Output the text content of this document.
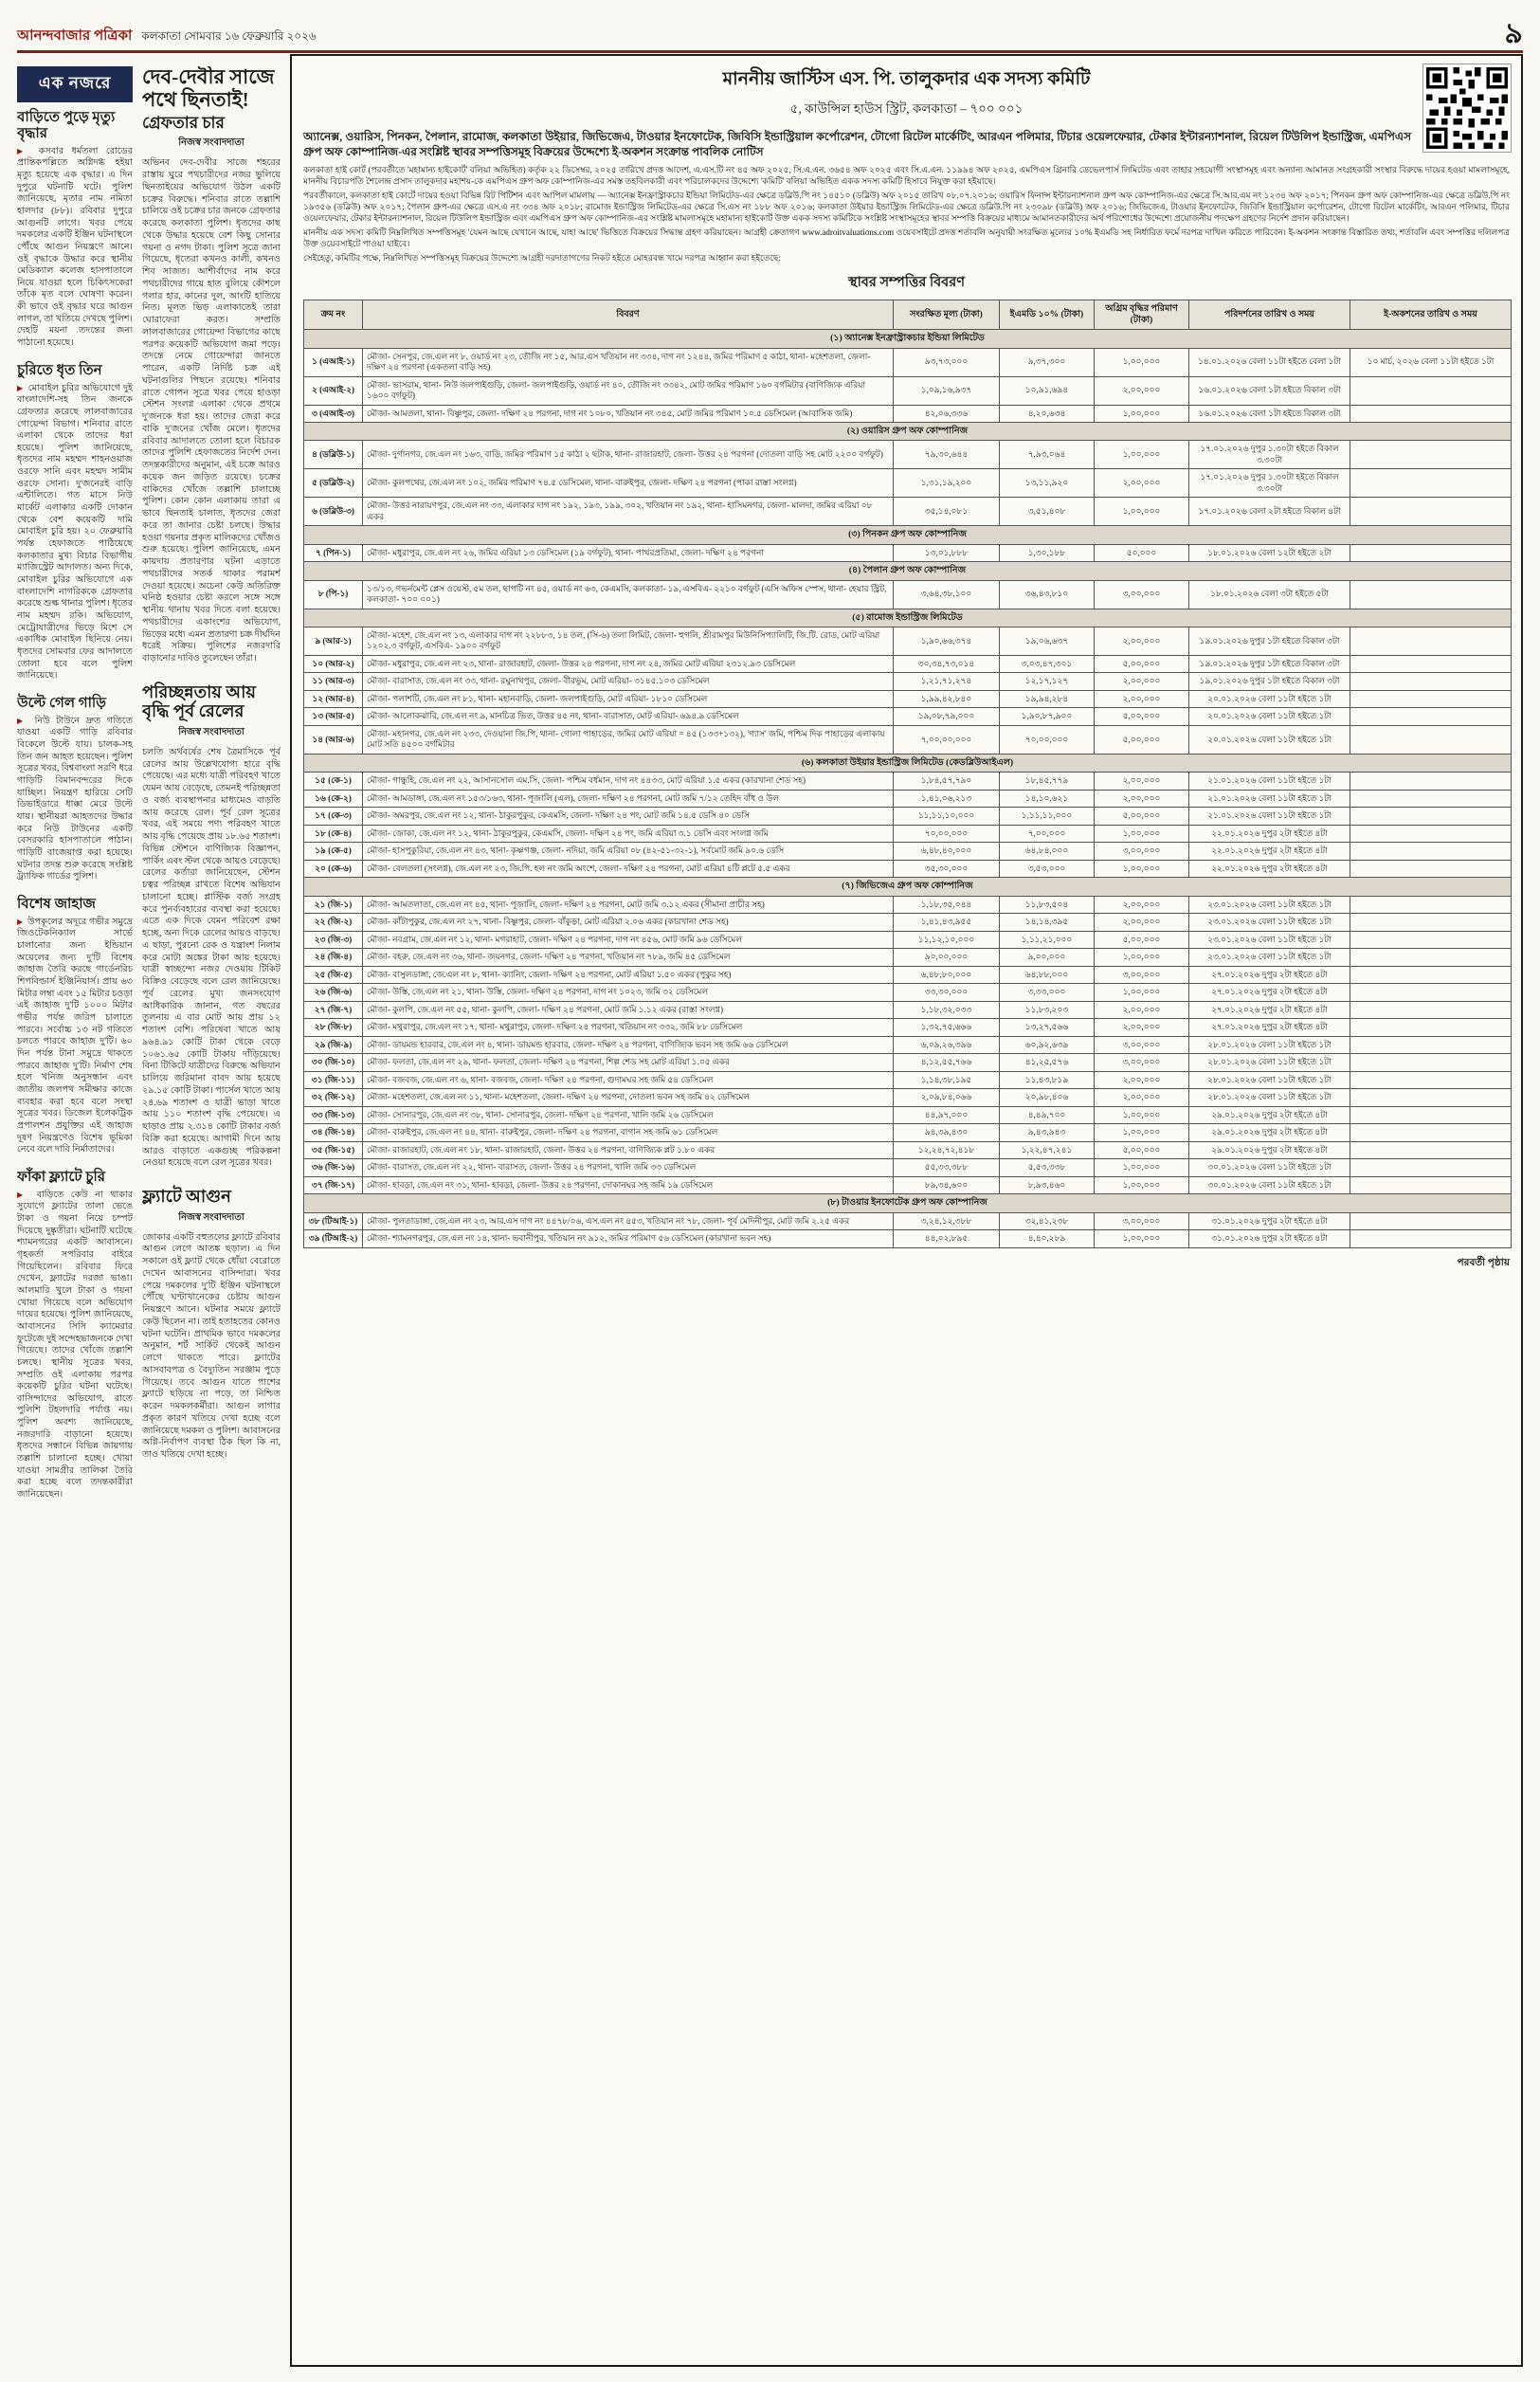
আনন্দবাজার পত্রিকা কলকাতা সোমবার ১৬ ফেব্রুয়ারি ২০২৬	৯
এক নজরে
বাড়িতে পুড়ে মৃত্যু বৃদ্ধার

▶ কসবার ধর্মতলা রোডের প্রান্তিকপল্লিতে অগ্নিদগ্ধ হইয়া মৃত্যু হয়েছে এক বৃদ্ধার। এ দিন দুপুরে ঘটনাটি ঘটে। পুলিশ জানিয়েছে, মৃতার নাম নমিতা হালদার (৮৮)। রবিবার দুপুরে আগুনটি লাগে। খবর পেয়ে দমকলের একটি ইঞ্জিন ঘটনাস্থলে পৌঁছে আগুন নিয়ন্ত্রণে আনে। ওই বৃদ্ধাকে উদ্ধার করে স্থানীয় মেডিক্যাল কলেজ হাসপাতালে নিয়ে যাওয়া হলে চিকিৎসকেরা তাঁকে মৃত বলে ঘোষণা করেন। কী ভাবে ওই বৃদ্ধার ঘরে আগুন লাগল, তা খতিয়ে দেখছে পুলিশ। দেহটি ময়না তদন্তের জন্য পাঠানো হয়েছে।

চুরিতে ধৃত তিন

▶ মোবাইল চুরির অভিযোগে দুই বাংলাদেশি-সহ তিন জনকে গ্রেফতার করেছে লালবাজারের গোয়েন্দা বিভাগ। শনিবার রাতে এলাকা থেকে তাদের ধরা হয়েছে। পুলিশ জানিয়েছে, ধৃতদের নাম মহম্মদ শাহনওয়াজ ওরফে সানি এবং মহম্মদ সামীম ওরফে সোনা। দু'জনেরই বাড়ি এন্টালিতে। গত মাসে নিউ মার্কেট এলাকার একটি দোকান থেকে বেশ কয়েকটি দামি মোবাইল চুরি হয়। ২০ ফেব্রুয়ারি পর্যন্ত হেফাজতে পাঠিয়েছে কলকাতার মুখ্য বিচার বিভাগীয় ম্যাজিস্ট্রেট আদালত। অন্য দিকে, মোবাইল চুরির অভিযোগে এক বাংলাদেশি নাগরিককে গ্রেফতার করেছে শুল্ক থানার পুলিশ। ধৃতের নাম মহম্মদ রকি। অভিযোগ, মেট্রোযাত্রীদের ভিড়ে মিশে সে একাধিক মোবাইল ছিনিয়ে নেয়। ধৃতদের সোমবার ফের আদালতে তোলা হবে বলে পুলিশ জানিয়েছে।

উল্টে গেল গাড়ি

▶ নিউ টাউনে দ্রুত গতিতে যাওয়া একটি গাড়ি রবিবার বিকেলে উল্টে যায়। চালক-সহ তিন জন আহত হয়েছেন। পুলিশ সূত্রের খবর, বিশ্ববাংলা সরণি ধরে গাড়িটি বিমানবন্দরের দিকে যাচ্ছিল। নিয়ন্ত্রণ হারিয়ে সেটি ডিভাইডারে ধাক্কা মেরে উল্টে যায়। স্থানীয়রা আহতদের উদ্ধার করে নিউ টাউনের একটি বেসরকারি হাসপাতালে পাঠান। গাড়িটি বাজেয়াপ্ত করা হয়েছে। ঘটনার তদন্ত শুরু করেছে সংশ্লিষ্ট ট্র্যাফিক গার্ডের পুলিশ।

বিশেষ জাহাজ

▶ উপকূলের অদূরে গভীর সমুদ্রে জিওটেকনিক্যাল সার্ভে চালানোর জন্য ইন্ডিয়ান অয়েলের জন্য দু'টি বিশেষ জাহাজ তৈরি করছে গার্ডেনরিচ শিপবিল্ডার্স ইঞ্জিনিয়ার্স। প্রায় ৬৩ মিটার লম্বা এবং ১৫ মিটার চওড়া এই জাহাজ দু'টি ১০০০ মিটার গভীর পর্যন্ত জরিপ চালাতে পারবে। সর্বোচ্চ ১৩ নট গতিতে চলতে পারবে জাহাজ দু'টি। ৬০ দিন পর্যন্ত টানা সমুদ্রে থাকতে পারবে জাহাজ দু'টি। নির্মাণ শেষ হলে খনিজ অনুসন্ধান এবং জাতীয় জলপথ সমীক্ষার কাজে ব্যবহার করা হবে বলে সংস্থা সূত্রের খবর। ডিজেল ইলেকট্রিক প্রপালশন প্রযুক্তির এই জাহাজ দূষণ নিয়ন্ত্রণেও বিশেষ ভূমিকা নেবে বলে দাবি নির্মাতাদের।

ফাঁকা ফ্ল্যাটে চুরি

▶ বাড়িতে কেউ না থাকার সুযোগে ফ্ল্যাটের তালা ভেঙে টাকা ও গয়না নিয়ে চম্পট দিয়েছে দুষ্কৃতীরা। ঘটনাটি ঘটেছে শ্যামনগরের একটি আবাসনে। গৃহকর্তা সপরিবার বাইরে গিয়েছিলেন। রবিবার ফিরে দেখেন, ফ্ল্যাটের দরজা ভাঙা। আলমারি খুলে টাকা ও গয়না খোয়া গিয়েছে বলে অভিযোগ দায়ের হয়েছে। পুলিশ জানিয়েছে, আবাসনের সিসি ক্যামেরার ফুটেজে দুই সন্দেহভাজনকে দেখা গিয়েছে। তাদের খোঁজে তল্লাশি চলছে। স্থানীয় সূত্রের খবর, সম্প্রতি ওই এলাকায় পরপর কয়েকটি চুরির ঘটনা ঘটেছে। বাসিন্দাদের অভিযোগ, রাতে পুলিশি টহলদারি পর্যাপ্ত নয়। পুলিশ অবশ্য জানিয়েছে, নজরদারি বাড়ানো হয়েছে। ধৃতদের সন্ধানে বিভিন্ন জায়গায় তল্লাশি চালানো হচ্ছে। খোয়া যাওয়া সামগ্রীর তালিকা তৈরি করা হচ্ছে বলে তদন্তকারীরা জানিয়েছেন।

দেব-দেবীর সাজে পথে ছিনতাই!
গ্রেফতার চার
নিজস্ব সংবাদদাতা

অভিনব দেব-দেবীর সাজে শহরের রাস্তায় ঘুরে পথচারীদের নজর ভুলিয়ে ছিনতাইয়ের অভিযোগ উঠল একটি চক্রের বিরুদ্ধে। শনিবার রাতে তল্লাশি চালিয়ে ওই চক্রের চার জনকে গ্রেফতার করেছে কলকাতা পুলিশ। ধৃতদের কাছ থেকে উদ্ধার হয়েছে বেশ কিছু সোনার গয়না ও নগদ টাকা। পুলিশ সূত্রে জানা গিয়েছে, ধৃতেরা কখনও কালী, কখনও শিব সাজত। আশীর্বাদের নাম করে পথচারীদের গায়ে হাত বুলিয়ে কৌশলে গলার হার, কানের দুল, আংটি হাতিয়ে নিত। মূলত ভিড় এলাকাতেই তারা ঘোরাফেরা করত। সম্প্রতি লালবাজারের গোয়েন্দা বিভাগের কাছে পরপর কয়েকটি অভিযোগ জমা পড়ে। তদন্তে নেমে গোয়েন্দারা জানতে পারেন, একটি নির্দিষ্ট চক্র এই ঘটনাগুলির পিছনে রয়েছে। শনিবার রাতে গোপন সূত্রে খবর পেয়ে হাওড়া স্টেশন সংলগ্ন এলাকা থেকে প্রথমে দু'জনকে ধরা হয়। তাদের জেরা করে বাকি দু'জনের খোঁজ মেলে। ধৃতদের রবিবার আদালতে তোলা হলে বিচারক তাদের পুলিশি হেফাজতের নির্দেশ দেন। তদন্তকারীদের অনুমান, এই চক্রে আরও কয়েক জন জড়িত রয়েছে। চক্রের বাকিদের খোঁজে তল্লাশি চালাচ্ছে পুলিশ। কোন কোন এলাকায় তারা এ ভাবে ছিনতাই চালাত, ধৃতদের জেরা করে তা জানার চেষ্টা চলছে। উদ্ধার হওয়া গয়নার প্রকৃত মালিকদের খোঁজও শুরু হয়েছে। পুলিশ জানিয়েছে, এমন কায়দায় প্রতারণার ঘটনা এড়াতে পথচারীদের সতর্ক থাকার পরামর্শ দেওয়া হয়েছে। অচেনা কেউ অতিরিক্ত ঘনিষ্ঠ হওয়ার চেষ্টা করলে সঙ্গে সঙ্গে স্থানীয় থানায় খবর দিতে বলা হয়েছে। পথচারীদের একাংশের অভিযোগ, ভিড়ের মধ্যে এমন প্রতারণা চক্র দীর্ঘদিন ধরেই সক্রিয়। পুলিশের নজরদারি বাড়ানোর দাবিও তুলেছেন তাঁরা।

পরিচ্ছন্নতায় আয় বৃদ্ধি পূর্ব রেলের
নিজস্ব সংবাদদাতা

চলতি অর্থবর্ষের শেষ ত্রৈমাসিকে পূর্ব রেলের আয় উল্লেখযোগ্য হারে বৃদ্ধি পেয়েছে। এর মধ্যে যাত্রী পরিবহণ খাতে যেমন আয় বেড়েছে, তেমনই পরিচ্ছন্নতা ও বর্জ্য ব্যবস্থাপনার মাধ্যমেও বাড়তি আয় করেছে রেল। পূর্ব রেল সূত্রের খবর, এই সময়ে পণ্য পরিবহণ খাতে আয় বৃদ্ধি পেয়েছে প্রায় ১৮.৬৫ শতাংশ। বিভিন্ন স্টেশনে বাণিজ্যিক বিজ্ঞাপন, পার্কিং এবং স্টল থেকে আয়ও বেড়েছে। রেলের কর্তারা জানিয়েছেন, স্টেশন চত্বর পরিচ্ছন্ন রাখতে বিশেষ অভিযান চালানো হচ্ছে। প্লাস্টিক বর্জ্য সংগ্রহ করে পুনর্ব্যবহারের ব্যবস্থা করা হয়েছে। এতে এক দিকে যেমন পরিবেশ রক্ষা হচ্ছে, অন্য দিকে রেলের আয়ও বাড়ছে। এ ছাড়া, পুরনো রেক ও যন্ত্রাংশ নিলাম করে মোটা অঙ্কের টাকা আয় হয়েছে। যাত্রী স্বাচ্ছন্দ্যে নজর দেওয়ায় টিকিট বিক্রিও বেড়েছে বলে রেল জানিয়েছে। পূর্ব রেলের মুখ্য জনসংযোগ আধিকারিক জানান, গত বছরের তুলনায় এ বার মোট আয় প্রায় ১২ শতাংশ বেশি। পরিষেবা খাতে আয় ৯৬৪.৯১ কোটি টাকা থেকে বেড়ে ১০৬১.৬৫ কোটি টাকায় দাঁড়িয়েছে। বিনা টিকিটে যাত্রীদের বিরুদ্ধে অভিযান চালিয়ে জরিমানা বাবদ আয় হয়েছে ২৯.১৫ কোটি টাকা। পার্সেল খাতে আয় ২৪.৬৯ শতাংশ ও যাত্রী ভাড়া খাতে আয় ১১০ শতাংশ বৃদ্ধি পেয়েছে। এ ছাড়াও প্রায় ২.৩১৪ কোটি টাকার বর্জ্য বিক্রি করা হয়েছে। আগামী দিনে আয় আরও বাড়াতে একগুচ্ছ পরিকল্পনা নেওয়া হয়েছে বলে রেল সূত্রের খবর।

ফ্ল্যাটে আগুন
নিজস্ব সংবাদদাতা

জোকার একটি বহুতলের ফ্ল্যাটে রবিবার আগুন লেগে আতঙ্ক ছড়াল। এ দিন সকালে ওই ফ্ল্যাট থেকে ধোঁয়া বেরোতে দেখেন আবাসনের বাসিন্দারা। খবর পেয়ে দমকলের দু'টি ইঞ্জিন ঘটনাস্থলে পৌঁছে ঘণ্টাখানেকের চেষ্টায় আগুন নিয়ন্ত্রণে আনে। ঘটনার সময়ে ফ্ল্যাটে কেউ ছিলেন না। তাই হতাহতের কোনও ঘটনা ঘটেনি। প্রাথমিক ভাবে দমকলের অনুমান, শর্ট সার্কিট থেকেই আগুন লেগে থাকতে পারে। ফ্ল্যাটের আসবাবপত্র ও বৈদ্যুতিন সরঞ্জাম পুড়ে গিয়েছে। তবে আগুন যাতে পাশের ফ্ল্যাটে ছড়িয়ে না পড়ে, তা নিশ্চিত করেন দমকলকর্মীরা। আগুন লাগার প্রকৃত কারণ খতিয়ে দেখা হচ্ছে বলে জানিয়েছে দমকল ও পুলিশ। আবাসনের অগ্নি-নির্বাপণ ব্যবস্থা ঠিক ছিল কি না, তাও খতিয়ে দেখা হচ্ছে।

মাননীয় জাস্টিস এস. পি. তালুকদার এক সদস্য কমিটি
৫, কাউন্সিল হাউস স্ট্রিট, কলকাতা – ৭০০ ০০১
অ্যানেক্স, ওয়ারিস, পিনকন, পৈলান, রামোজ, কলকাতা উইয়ার, জিভিজেএ, টাওয়ার ইনফোটেক, জিবিসি ইন্ডাস্ট্রিয়াল কর্পোরেশন, টোগো রিটেল মার্কেটিং, আরএন পলিমার, টিচার ওয়েলফেয়ার, টেকার ইন্টারন্যাশনাল, রিয়েল টিউলিপ ইন্ডাস্ট্রিজ, এমপিএস গ্রুপ অফ কোম্পানিজ-এর সংশ্লিষ্ট স্থাবর সম্পত্তিসমূহ বিক্রয়ের উদ্দেশ্যে ই-অকশন সংক্রান্ত পাবলিক নোটিস

কলকাতা হাই কোর্ট (পরবর্তীতে 'মহামান্য হাইকোর্ট' বলিয়া অভিহিত) কর্তৃক ২২ ডিসেম্বর, ২০২৫ তারিখে প্রদত্ত আদেশ, এ.এস.টি নং ৪৫ অফ ২০২৫, সি.এ.এন. ৩৬৫৪ অফ ২০২৫ এবং সি.এ.এন. ১১৯৯৪ অফ ২০২৫, এমপিএস গ্রিনারি ডেভেলপার্স লিমিটেড এবং তাহার সহযোগী সংস্থাসমূহ এবং অন্যান্য আমানত সংগ্রহকারী সংস্থার বিরুদ্ধে দায়ের হওয়া মামলাসমূহে, মাননীয় বিচারপতি শৈলেন্দ্র প্রসাদ তালুকদার মহাশয়-কে এমপিএস গ্রুপ অফ কোম্পানিজ-এর সমস্ত তহবিলকারী এবং পরিচালকদের উদ্দেশ্যে 'কমিটি' বলিয়া অভিহিত একক সদস্য কমিটি হিসাবে নিযুক্ত করা হইয়াছে।

পরবর্তীকালে, কলকাতা হাই কোর্টে দায়ের হওয়া বিভিন্ন রিট পিটিশন এবং আপিল মামলায় — অ্যানেক্স ইনফ্রাস্ট্রাকচার ইন্ডিয়া লিমিটেড-এর ক্ষেত্রে ডব্লিউ.পি নং ১৪৫১০ (ডব্লিউ) অফ ২০১৫ তারিখ ০৮.০৭.২০১৬; ওয়ারিস ফিনান্স ইন্টারন্যাশনাল গ্রুপ অফ কোম্পানিজ-এর ক্ষেত্রে সি.আর.এম নং ১২৩৪ অফ ২০১৭; পিনকন গ্রুপ অফ কোম্পানিজ-এর ক্ষেত্রে ডব্লিউ.পি নং ১৯৩৫৬ (ডব্লিউ) অফ ২০১৭; পৈলান গ্রুপ-এর ক্ষেত্রে এস.এ নং ৩৩৪ অফ ২০১৮; রামোজ ইন্ডাস্ট্রিজ লিমিটেড-এর ক্ষেত্রে সি.এস নং ১৮৮ অফ ২০১৬; কলকাতা উইয়ার ইন্ডাস্ট্রিজ লিমিটেড-এর ক্ষেত্রে ডব্লিউ.পি নং ২৩০৯৮ (ডব্লিউ) অফ ২০১৬; জিভিজেএ, টাওয়ার ইনফোটেক, জিবিসি ইন্ডাস্ট্রিয়াল কর্পোরেশন, টোগো রিটেল মার্কেটিং, আরএন পলিমার, টিচার ওয়েলফেয়ার, টেকার ইন্টারন্যাশনাল, রিয়েল টিউলিপ ইন্ডাস্ট্রিজ এবং এমপিএস গ্রুপ অফ কোম্পানিজ-এর সংশ্লিষ্ট মামলাসমূহে মহামান্য হাইকোর্ট উক্ত একক সদস্য কমিটিকে সংশ্লিষ্ট সংস্থাসমূহের স্থাবর সম্পত্তি বিক্রয়ের মাধ্যমে আমানতকারীদের অর্থ পরিশোধের উদ্দেশ্যে প্রয়োজনীয় পদক্ষেপ গ্রহণের নির্দেশ প্রদান করিয়াছেন।

মাননীয় এক সদস্য কমিটি নিম্নলিখিত সম্পত্তিসমূহ 'যেমন আছে যেখানে আছে, যাহা আছে' ভিত্তিতে বিক্রয়ের সিদ্ধান্ত গ্রহণ করিয়াছেন। আগ্রহী ক্রেতাগণ www.adroitvaluations.com ওয়েবসাইটে প্রদত্ত শর্তাবলি অনুযায়ী সংরক্ষিত মূল্যের ১০% ইএমডি সহ নির্ধারিত ফর্মে দরপত্র দাখিল করিতে পারিবেন। ই-অকশন সংক্রান্ত বিস্তারিত তথ্য, শর্তাবলি এবং সম্পত্তির দলিলপত্র উক্ত ওয়েবসাইটে পাওয়া যাইবে।

সেইহেতু, কমিটির পক্ষে, নিম্নলিখিত সম্পত্তিসমূহ বিক্রয়ের উদ্দেশ্যে আগ্রহী দরদাতাগণের নিকট হইতে মোহরবন্ধ খামে দরপত্র আহ্বান করা হইতেছে:

স্থাবর সম্পত্তির বিবরণ
ক্রম নং	বিবরণ	সংরক্ষিত মূল্য (টাকা)	ইএমডি ১০% (টাকা)	অগ্রিম বৃদ্ধির পরিমাণ (টাকা)	পরিদর্শনের তারিখ ও সময়	ই-অকশনের তারিখ ও সময়
(১) অ্যানেক্স ইনফ্রাস্ট্রাকচার ইন্ডিয়া লিমিটেড						
১ (এআই-১)	মৌজা- সেনপুর, জে.এল নং ৮, ওয়ার্ড নং ২৩, তৌজি নং ১৫, আর.এস খতিয়ান নং ৩৩৪, দাগ নং ১২৪৪, জমির পরিমাণ ৫ কাঠা, থানা- মহেশতলা, জেলা- দক্ষিণ ২৪ পরগনা (একতলা বাড়ি সহ)	৯৩,৭৩,০০০	৯,৩৭,৩০০	১,০০,০০০	১৪.০১.২০২৬ বেলা ১১টা হইতে বেলা ১টা	১০ মার্চ, ২০২৬ বেলা ১১টা হইতে ১টা
২ (এআই-২)	মৌজা- ভাসরাম, থানা- নিউ জলপাইগুড়ি, জেলা- জলপাইগুড়ি, ওয়ার্ড নং ৪০, তৌজি নং ৩৩৪২, মোট জমির পরিমাণ ১৬০ বর্গমিটার (বাণিজ্যিক এরিয়া ১৬০০ বর্গফুট)	১,০৯,১৬,৯৩৭	১০,৯১,৬৯৪	২,০০,০০০	১৬.০১.২০২৬ বেলা ১টা হইতে বিকাল ৩টা	
৩ (এআই-৩)	মৌজা- আমতলা, থানা- বিষ্ণুপুর, জেলা- দক্ষিণ ২৪ পরগনা, দাগ নং ১০৮০, খতিয়ান নং ৩৪৫, মোট জমির পরিমাণ ১০.৫ ডেসিমেল (আবাসিক জমি)	৪২,০৬,৩৩৬	৪,২০,৬৩৪	১,০০,০০০	১৬.০১.২০২৬ বেলা ১টা হইতে বিকাল ৩টা	
(২) ওয়ারিস গ্রুপ অফ কোম্পানিজ						
৪ (ডব্লিউ-১)	মৌজা- দুর্গানগর, জে.এল নং ১৬৩, বাড়ি, জমির পরিমাণ ১৫ কাঠা ২ ছটাক, থানা- রাজারহাট, জেলা- উত্তর ২৪ পরগনা (দোতলা বাড়ি সহ মোট ২২০০ বর্গফুট)	৭৯,৩০,৬৪৪	৭,৯৩,০৬৪	১,০০,০০০	১৭.০১.২০২৬ দুপুর ১.৩০টা হইতে বিকাল ৩.৩০টা	
৫ (ডব্লিউ-২)	মৌজা- কুলপথের, জে.এল নং ১০২, জমির পরিমাণ ৭৪.৫ ডেসিমেল, থানা- বারুইপুর, জেলা- দক্ষিণ ২৪ পরগনা (পাকা রাস্তা সংলগ্ন)	১,৩১,১৯,২০০	১৩,১১,৯২০	২,০০,০০০	১৭.০১.২০২৬ দুপুর ১.৩০টা হইতে বিকাল ৩.৩০টা	
৬ (ডব্লিউ-৩)	মৌজা- উত্তর নারায়ণপুর, জে.এল নং ৩৩, এলাকার দাগ নং ১৯২, ১৯৩, ১৯৯, ৩০২, খতিয়ান নং ১৯২, থানা- হাসিমনগর, জেলা- মালদা, জমির এরিয়া ০৮ একর	৩৫,১৪,০৮১	৩,৫১,৪০৮	১,০০,০০০	১৭.০১.২০২৬ বেলা ২টা হইতে বিকাল ৪টা	
(৩) পিনকন গ্রুপ অফ কোম্পানিজ						
৭ (পিন-১)	মৌজা- মধুরাপুর, জে.এল নং ২৬, জমির এরিয়া ১৩ ডেসিমেল (১৯ বর্গফুট), থানা- পাথরপ্রতিমা, জেলা- দক্ষিণ ২৪ পরগনা	১৩,০১,৮৮৮	১,৩০,১৮৮	৫০,০০০	১৮.০১.২০২৬ বেলা ১২টা হইতে ২টা	
(৪) পৈলান গ্রুপ অফ কোম্পানিজ						
৮ (পি-১)	১৩/১৩, গভর্নমেন্ট প্লেস ওয়েস্ট, ৫ম তল, ছাপটি নং ৪৫, ওয়ার্ড নং ৬৩, কেএমসি, কলকাতা- ১৯, এসবিএ- ২২১০ বর্গফুট (এসি অফিস স্পেস, থানা- হেয়ার স্ট্রিট, কলকাতা- ৭০০ ০০১)	৩,৬৪,৩৮,১০০	৩৬,৪৩,৮১০	৩,০০,০০০	১৮.০১.২০২৬ বেলা ৩টা হইতে ৫টা	
(৫) রামোজ ইন্ডাস্ট্রিজ লিমিটেড						
৯ (আর-১)	মৌজা- মহেশ, জে.এল নং ১৩, এলাকার দাগ নং ২২৮৮৩, ১৪ তল, (সি-৬) তলা লিমিট, জেলা- হুগলি, শ্রীরামপুর মিউনিসিপ্যালিটি, জি.টি. রোড, মোট এরিয়া ১২০২.৩ বর্গফুট, এসবিএ- ১৯০০ বর্গফুট	১,৯০,৬৬,৩৭৪	১৯,০৬,৬৩৭	২,০০,০০০	১৯.০১.২০২৬ দুপুর ১টা হইতে বিকাল ৩টা	
১০ (আর-২)	মৌজা- মধুরাপুর, জে.এল নং ২৩, থানা- রাজারহাট, জেলা- উত্তর ২৪ পরগনা, দাগ নং ২৪, জমির মোট এরিয়া ২৩১২.৯৩ ডেসিমেল	৩০,৩৪,৭৩,০১৪	৩,০৩,৪৭,৩০১	৫,০০,০০০	১৯.০১.২০২৬ দুপুর ১টা হইতে বিকাল ৩টা	
১১ (আর-৩)	মৌজা- বারাসাত, জে.এল নং ৩৩, থানা- রঘুনাথপুর, জেলা- বীরভূম, মোট এরিয়া- ৩১৪৫.১০৩ ডেসিমেল	১,২১,৭১,২৭৪	১২,১৭,১২৭	২,০০,০০০	১৯.০১.২০২৬ দুপুর ১টা হইতে বিকাল ৩টা	
১২ (আর-৪)	মৌজা- পলাশটি, জে.এল নং ৮১, থানা- মহানবাড়ি, জেলা- জলপাইগুড়ি, মোট এরিয়া- ১৮১০ ডেসিমেল	১,৯৯,৪২,৮৪০	১৯,৯৪,২৮৪	২,০০,০০০	২০.০১.২০২৬ বেলা ১১টা হইতে ১টা	
১৩ (আর-৫)	মৌজা- আলোকঝারি, জে.এল নং ৯, মানচিত্র ভিত, উত্তর ৪৫ নং, থানা- বারাসাত, মোট এরিয়া- ৬৯৪.৯ ডেসিমেল	১৯,০৮,৭৯,০০০	১,৯০,৮৭,৯০০	৫,০০,০০০	২০.০১.২০২৬ বেলা ১১টা হইতে ১টা	
১৪ (আর-৬)	মৌজা- মহানগর, জে.এল নং ২৩৩, দেওয়ানা জি.পি, থানা- গোলা পাহাড়ের, জমির মোট এরিয়া = ৪৫ (১৩৩+১৩২), 'গ্যাস' জমি, পশ্চিম দিক পাহাড়ের এলাকায় মোট সতি ৪৫০০ বর্গমিটার	৭,০০,০০,০০০	৭০,০০,০০০	৫,০০,০০০	২০.০১.২০২৬ বেলা ১১টা হইতে ১টা	
(৬) কলকাতা উইয়ার ইন্ডাস্ট্রিজ লিমিটেড (কেডব্লিউআইএল)						
১৫ (কে-১)	মৌজা- গান্ধুহি, জে.এল নং ২২, আসানসোল এম.সি, জেলা- পশ্চিম বর্ধমান, দাগ নং ৪৪৩৩, মোট এরিয়া ১.৫ একর (কারখানা শেড সহ)	১,৮৪,৫৭,৭৯০	১৮,৪৫,৭৭৯	২,০০,০০০	২১.০১.২০২৬ বেলা ১১টা হইতে ১টা	
১৬ (কে-২)	মৌজা- আমডাঙ্গা, জে.এল নং ১৫৩/১৬৩, থানা- পূজালি (এল), জেলা- দক্ষিণ ২৪ পরগনা, মোট জমি ৭/১২ তেহিদ বাঁধ ও উল	১,৪১,০৬,২১৩	১৪,১০,৬২১	২,০০,০০০	২১.০১.২০২৬ বেলা ১১টা হইতে ১টা	
১৭ (কে-৩)	মৌজা- অমরপুর, জে.এল নং ১২, থানা- ঠাকুরপুকুর, কেএমসি, জেলা- দক্ষিণ ২৪ পং, মোট জমি ১৪.৫ ডেসি ৪০ ডেসি	১১,১১,১০,০০০	১,১১,১১,০০০	৫,০০,০০০	২১.০১.২০২৬ বেলা ১১টা হইতে ১টা	
১৮ (কে-৪)	মৌজা- জোকা, জে.এল নং ১২, থানা- ঠাকুরপুকুর, কেএমসি, জেলা- দক্ষিণ ২৪ পং, জমি এরিয়া ৩.১ ডেসি এবং সংলগ্ন জমি	৭০,০০,০০০	৭,০০,০০০	১,০০,০০০	২২.০১.২০২৬ দুপুর ২টা হইতে ৪টা	
১৯ (কে-৫)	মৌজা- হাসপুকুরিয়া, জে.এল নং ৪৩, থানা- কৃষ্ণগঞ্জ, জেলা- নদিয়া, জমি এরিয়া ০৮ (৪২-৫১-৩২-১), সর্বমোট জমি ৯০.৬ ডেসি	৬,৪৮,৪০,০০০	৬৪,৮৪,০০০	৩,০০,০০০	২২.০১.২০২৬ দুপুর ২টা হইতে ৪টা	
২০ (কে-৬)	মৌজা- বেলতলা (সংলগ্ন), জে.এল নং ২৩, জি.পি. হল নং জমি অংশে, জেলা- দক্ষিণ ২৪ পরগনা, মোট এরিয়া ৪টি প্লটে ৫.৫ একর	৩৫,৩০,০০০	৩,৫৩,০০০	১,০০,০০০	২২.০১.২০২৬ দুপুর ২টা হইতে ৪টা	
(৭) জিভিজেএ গ্রুপ অফ কোম্পানিজ						
২১ (জি-১)	মৌজা- আমতলাতা, জে.এল নং ৪৫, থানা- পূজালি, জেলা- দক্ষিণ ২৪ পরগনা, মোট জমি ৩.১২ একর (সীমানা প্রাচীর সহ)	১,১৮,৩৫,০৪৪	১১,৮৩,৫০৪	২,০০,০০০	২৩.০১.২০২৬ বেলা ১১টা হইতে ১টা	
২২ (জি-২)	মৌজা- কাঁটাপুকুর, জে.এল নং ২৭, থানা- বিষ্ণুপুর, জেলা- বাঁকুড়া, মোট এরিয়া ২.০৬ একর (কারখানা শেড সহ)	১,৪১,৪৩,৯৫৫	১৪,১৪,৩৯৫	২,০০,০০০	২৩.০১.২০২৬ বেলা ১১টা হইতে ১টা	
২৩ (জি-৩)	মৌজা- নবগ্রাম, জে.এল নং ১২, থানা- মগরাহাট, জেলা- দক্ষিণ ২৪ পরগনা, দাগ নং ৪৫৬, মোট জমি ৯৬ ডেসিমেল	১১,১২,১০,০০০	১,১১,২১,০০০	৫,০০,০০০	২৩.০১.২০২৬ বেলা ১১টা হইতে ১টা	
২৪ (জি-৪)	মৌজা- বহরু, জে.এল নং ৩৬, থানা- জয়নগর, জেলা- দক্ষিণ ২৪ পরগনা, খতিয়ান নং ৭৮৯, জমি ৪৫ ডেসিমেল	৯০,০০,০০০	৯,০০,০০০	১,০০,০০০	২৩.০১.২০২৬ বেলা ১১টা হইতে ১টা	
২৫ (জি-৫)	মৌজা- বাসুলডাঙ্গা, জে.এল নং ৮, থানা- ক্যানিং, জেলা- দক্ষিণ ২৪ পরগনা, মোট এরিয়া ১.৫০ একর (পুকুর সহ)	৬,৪৮,৮০,০০০	৬৪,৮৮,০০০	৩,০০,০০০	২৭.০১.২০২৬ দুপুর ২টা হইতে ৪টা	
২৬ (জি-৬)	মৌজা- উস্তি, জে.এল নং ২১, থানা- উস্তি, জেলা- দক্ষিণ ২৪ পরগনা, দাগ নং ১০২৩, জমি ৩২ ডেসিমেল	৩৩,৩০,০০০	৩,৩৩,০০০	১,০০,০০০	২৭.০১.২০২৬ দুপুর ২টা হইতে ৪টা	
২৭ (জি-৭)	মৌজা- কুলপি, জে.এল নং ৫৫, থানা- কুলপি, জেলা- দক্ষিণ ২৪ পরগনা, মোট জমি ১.১২ একর (রাস্তা সংলগ্ন)	১,১৮,৩২,০৩৩	১১,৮৩,২০৩	২,০০,০০০	২৭.০১.২০২৬ দুপুর ২টা হইতে ৪টা	
২৮ (জি-৮)	মৌজা- মথুরাপুর, জে.এল নং ১৭, থানা- মথুরাপুর, জেলা- দক্ষিণ ২৪ পরগনা, খতিয়ান নং ৩৩২, জমি ৮৮ ডেসিমেল	১,৩২,৭৫,৬৬৬	১৩,২৭,৫৬৬	২,০০,০০০	২৭.০১.২০২৬ দুপুর ২টা হইতে ৪টা	
২৯ (জি-৯)	মৌজা- ডায়মন্ড হারবার, জে.এল নং ৪, থানা- ডায়মন্ড হারবার, জেলা- দক্ষিণ ২৪ পরগনা, বাণিজ্যিক ভবন সহ জমি ৬৬ ডেসিমেল	৬,০৯,২৬,৩৯৬	৬০,৯২,৬৩৯	৩,০০,০০০	২৮.০১.২০২৬ বেলা ১১টা হইতে ১টা	
৩০ (জি-১০)	মৌজা- ফলতা, জে.এল নং ২৯, থানা- ফলতা, জেলা- দক্ষিণ ২৪ পরগনা, শিল্প শেড সহ মোট এরিয়া ১.০৫ একর	৪,১২,৫৫,৭৬৬	৪১,২৫,৫৭৬	৩,০০,০০০	২৮.০১.২০২৬ বেলা ১১টা হইতে ১টা	
৩১ (জি-১১)	মৌজা- বজবজ, জে.এল নং ৬, থানা- বজবজ, জেলা- দক্ষিণ ২৪ পরগনা, গুদামঘর সহ জমি ৫৪ ডেসিমেল	১,১৪,৩৮,১৯৫	১১,৪৩,৮১৯	২,০০,০০০	২৮.০১.২০২৬ বেলা ১১টা হইতে ১টা	
৩২ (জি-১২)	মৌজা- মহেশতলা, জে.এল নং ১১, থানা- মহেশতলা, জেলা- দক্ষিণ ২৪ পরগনা, দোতলা ভবন সহ জমি ৪২ ডেসিমেল	২,০৯,৮৪,০৬৬	২০,৯৮,৪০৬	২,০০,০০০	২৮.০১.২০২৬ বেলা ১১টা হইতে ১টা	
৩৩ (জি-১৩)	মৌজা- সোনারপুর, জে.এল নং ৩৮, থানা- সোনারপুর, জেলা- দক্ষিণ ২৪ পরগনা, খালি জমি ২৬ ডেসিমেল	৪৪,৯৭,০০০	৪,৪৯,৭০০	১,০০,০০০	২৯.০১.২০২৬ দুপুর ২টা হইতে ৪টা	
৩৪ (জি-১৪)	মৌজা- বারুইপুর, জে.এল নং ৪৪, থানা- বারুইপুর, জেলা- দক্ষিণ ২৪ পরগনা, বাগান সহ জমি ৬১ ডেসিমেল	৯৪,৩৯,৪৩০	৯,৪৩,৯৪৩	১,০০,০০০	২৯.০১.২০২৬ দুপুর ২টা হইতে ৪টা	
৩৫ (জি-১৫)	মৌজা- রাজারহাট, জে.এল নং ১৮, থানা- রাজারহাট, জেলা- উত্তর ২৪ পরগনা, বাণিজ্যিক প্লট ১.৮০ একর	১২,২৪,৭২,৪১৮	১,২২,৪৭,২৪১	৫,০০,০০০	২৯.০১.২০২৬ দুপুর ২টা হইতে ৪টা	
৩৬ (জি-১৬)	মৌজা- বারাসত, জে.এল নং ২২, থানা- বারাসত, জেলা- উত্তর ২৪ পরগনা, খালি জমি ৩৩ ডেসিমেল	৫৫,৩৩,৩৮৮	৫,৫৩,৩৩৮	১,০০,০০০	৩০.০১.২০২৬ বেলা ১১টা হইতে ১টা	
৩৭ (জি-১৭)	মৌজা- হাবড়া, জে.এল নং ৩১, থানা- হাবড়া, জেলা- উত্তর ২৪ পরগনা, দোকানঘর সহ জমি ১৯ ডেসিমেল	৮৯,৩৪,৬০০	৮,৯৩,৪৬০	১,০০,০০০	৩০.০১.২০২৬ বেলা ১১টা হইতে ১টা	
(৮) টাওয়ার ইনফোটেক গ্রুপ অফ কোম্পানিজ						
৩৮ (টিআই-১)	মৌজা- পুলতাডাঙ্গা, জে.এল নং ২৩, আর.এস দাগ নং ৪৪৭৮/০৬, এস.এল নং ৪৫৩, খতিয়ান নং ৭৮, জেলা- পূর্ব মেদিনীপুর, মোট জমি ২.২৫ একর	৩,২৪,১২,৩৮৮	৩২,৪১,২৩৮	৩,০০,০০০	৩১.০১.২০২৬ দুপুর ২টা হইতে ৪টা	
৩৯ (টিআই-২)	মৌজা- শ্যামনগরপুর, জে.এল নং ১৪, থানা- ভবানীপুর, খতিয়ান নং ৯১২, জমির পরিমাণ ৫৬ ডেসিমেল (কারখানা ভবন সহ)	৪৪,০২,৮৯৫	৪,৪০,২৮৯	১,০০,০০০	৩১.০১.২০২৬ দুপুর ২টা হইতে ৪টা	
পরবর্তী পৃষ্ঠায়
